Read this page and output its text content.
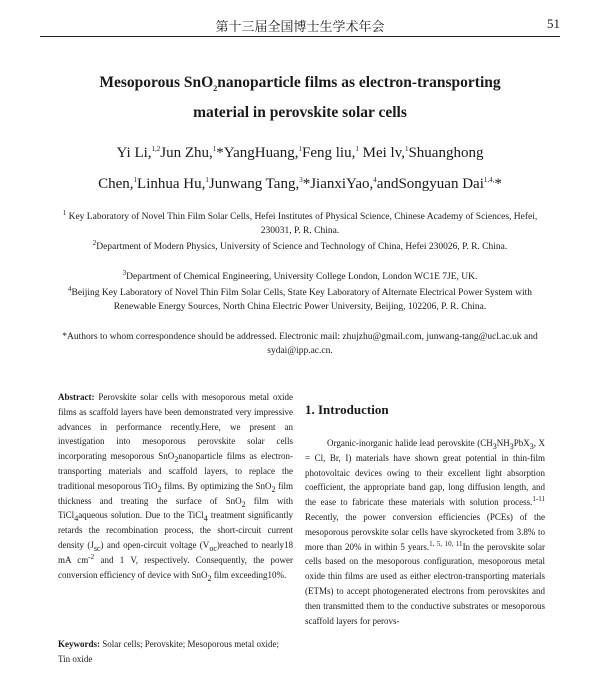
第十三届全国博士生学术年会	51
Mesoporous SnO$_2$nanoparticle films as electron-transporting
material in perovskite solar cells
Yi Li,$^{1,2}$Jun Zhu,$^1$*YangHuang,$^1$Feng liu,$^1$ Mei lv,$^1$Shuanghong
Chen,$^1$Linhua Hu,$^1$Junwang Tang,$^3$*JianxiYao,$^4$andSongyuan Dai$^{1,4,}$*
$^1$ Key Laboratory of Novel Thin Film Solar Cells, Hefei Institutes of Physical Science, Chinese Academy of Sciences, Hefei, 230031, P. R. China.
$^2$Department of Modern Physics, University of Science and Technology of China, Hefei 230026, P. R. China.
$^3$Department of Chemical Engineering, University College London, London WC1E 7JE, UK.
$^4$Beijing Key Laboratory of Novel Thin Film Solar Cells, State Key Laboratory of Alternate Electrical Power System with Renewable Energy Sources, North China Electric Power University, Beijing, 102206, P. R. China.
*Authors to whom correspondence should be addressed. Electronic mail: zhujzhu@gmail.com, junwang-tang@ucl.ac.uk and sydai@ipp.ac.cn.
Abstract: Perovskite solar cells with mesoporous metal oxide films as scaffold layers have been demonstrated very impressive advances in performance recently.Here, we present an investigation into mesoporous perovskite solar cells incorporating mesoporous SnO$_2$nanoparticle films as electron-transporting materials and scaffold layers, to replace the traditional mesoporous TiO$_2$ films. By optimizing the SnO$_2$ film thickness and treating the surface of SnO$_2$ film with TiCl$_4$aqueous solution. Due to the TiCl$_4$ treatment significantly retards the recombination process, the short-circuit current density $(J_{sc})$ and open-circuit voltage $(V_{oc})reached$ to nearly18 mA $cm^{-2}$ and 1 V, respectively. Consequently, the power conversion efficiency of device with SnO$_2$ film exceeding10%.
Keywords: Solar cells; Perovskite; Mesoporous metal oxide; Tin oxide
1. Introduction
Organic-inorganic halide lead perovskite ($CH_3NH_3PbX_3$, X = Cl, Br, I) materials have shown great potential in thin-film photovoltaic devices owing to their excellent light absorption coefficient, the appropriate band gap, long diffusion length, and the ease to fabricate these materials with solution process.$^{1-11}$ Recently, the power conversion efficiencies (PCEs) of the mesoporous perovskite solar cells have skyrocketed from 3.8% to more than 20% in within 5 years.$^{1, 5, 10, 11}$In the perovskite solar cells based on the mesoporous configuration, mesoporous metal oxide thin films are used as either electron-transporting materials (ETMs) to accept photogenerated electrons from perovskites and then transmitted them to the conductive substrates or mesoporous scaffold layers for perovs-
